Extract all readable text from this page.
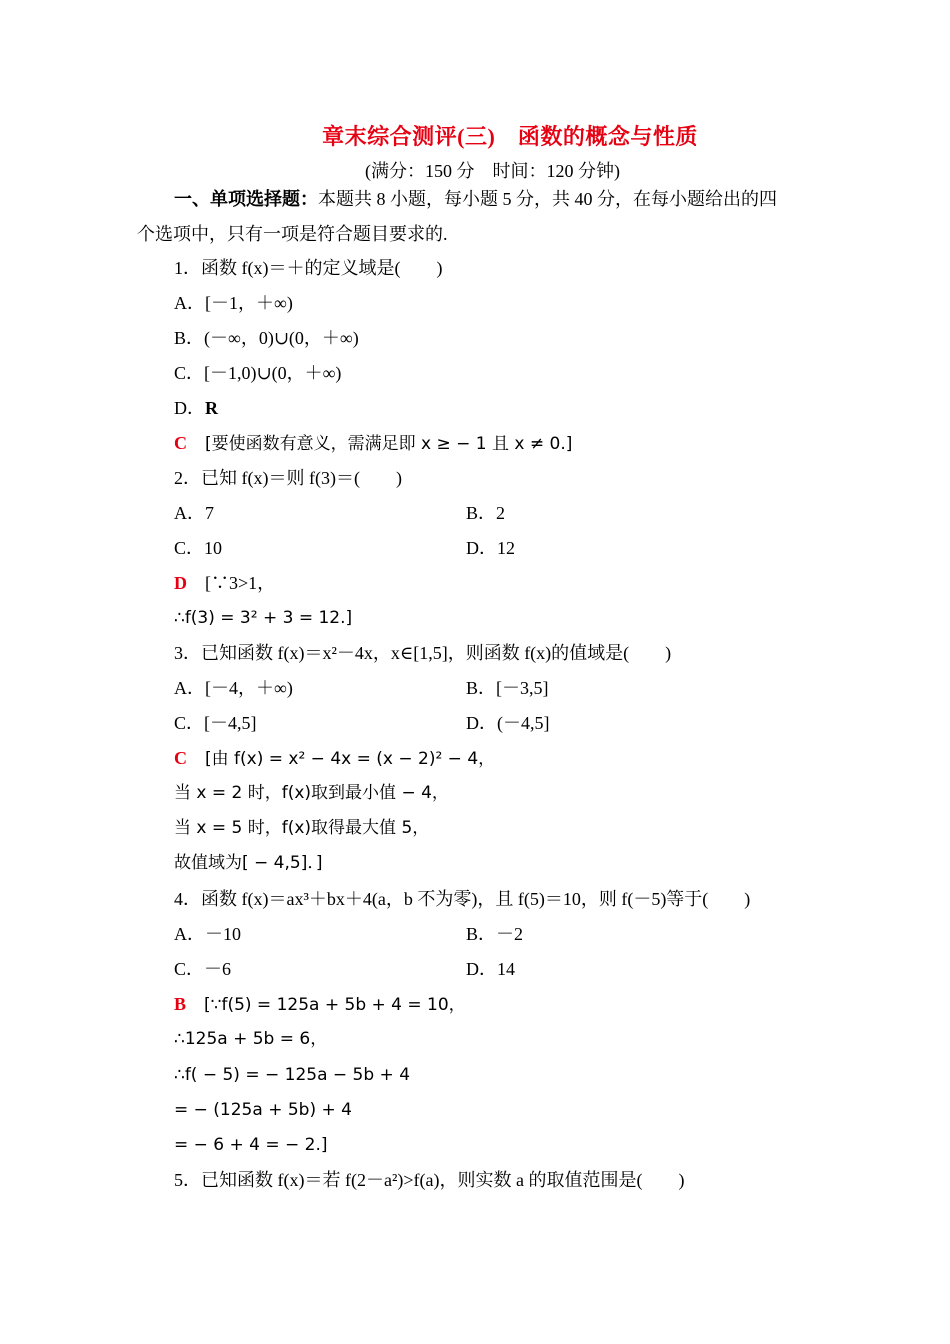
章末综合测评(三)　函数的概念与性质
(满分：150 分　时间：120 分钟)
一、单项选择题：本题共 8 小题，每小题 5 分，共 40 分，在每小题给出的四
个选项中，只有一项是符合题目要求的.
1．函数 f(x)＝＋的定义域是(　　)
A．[－1，＋∞)
B．(－∞，0)∪(0，＋∞)
C．[－1,0)∪(0，＋∞)
D．R
C　 [要使函数有意义，需满足即 x ≥ − 1 且 x ≠ 0.]
2．已知 f(x)＝则 f(3)＝(　　)
A．7	B．2
C．10	D．12
D　 [∵3>1，
∴f(3) = 3² + 3 = 12.]
3．已知函数 f(x)＝x²－4x，x∈[1,5]，则函数 f(x)的值域是(　　)
A．[－4，＋∞)	B．[－3,5]
C．[－4,5]	D．(－4,5]
C　 [由 f(x) = x² − 4x = (x − 2)² − 4，
当 x = 2 时，f(x)取到最小值 − 4，
当 x = 5 时，f(x)取得最大值 5，
故值域为[ − 4,5]．]
4．函数 f(x)＝ax³＋bx＋4(a，b 不为零)，且 f(5)＝10，则 f(－5)等于(　　)
A．－10	B．－2
C．－6	D．14
B　 [∵f(5) = 125a + 5b + 4 = 10，
∴125a + 5b = 6，
∴f( − 5) = − 125a − 5b + 4
= − (125a + 5b) + 4
= − 6 + 4 = − 2.]
5．已知函数 f(x)＝若 f(2－a²)>f(a)，则实数 a 的取值范围是(　　)
